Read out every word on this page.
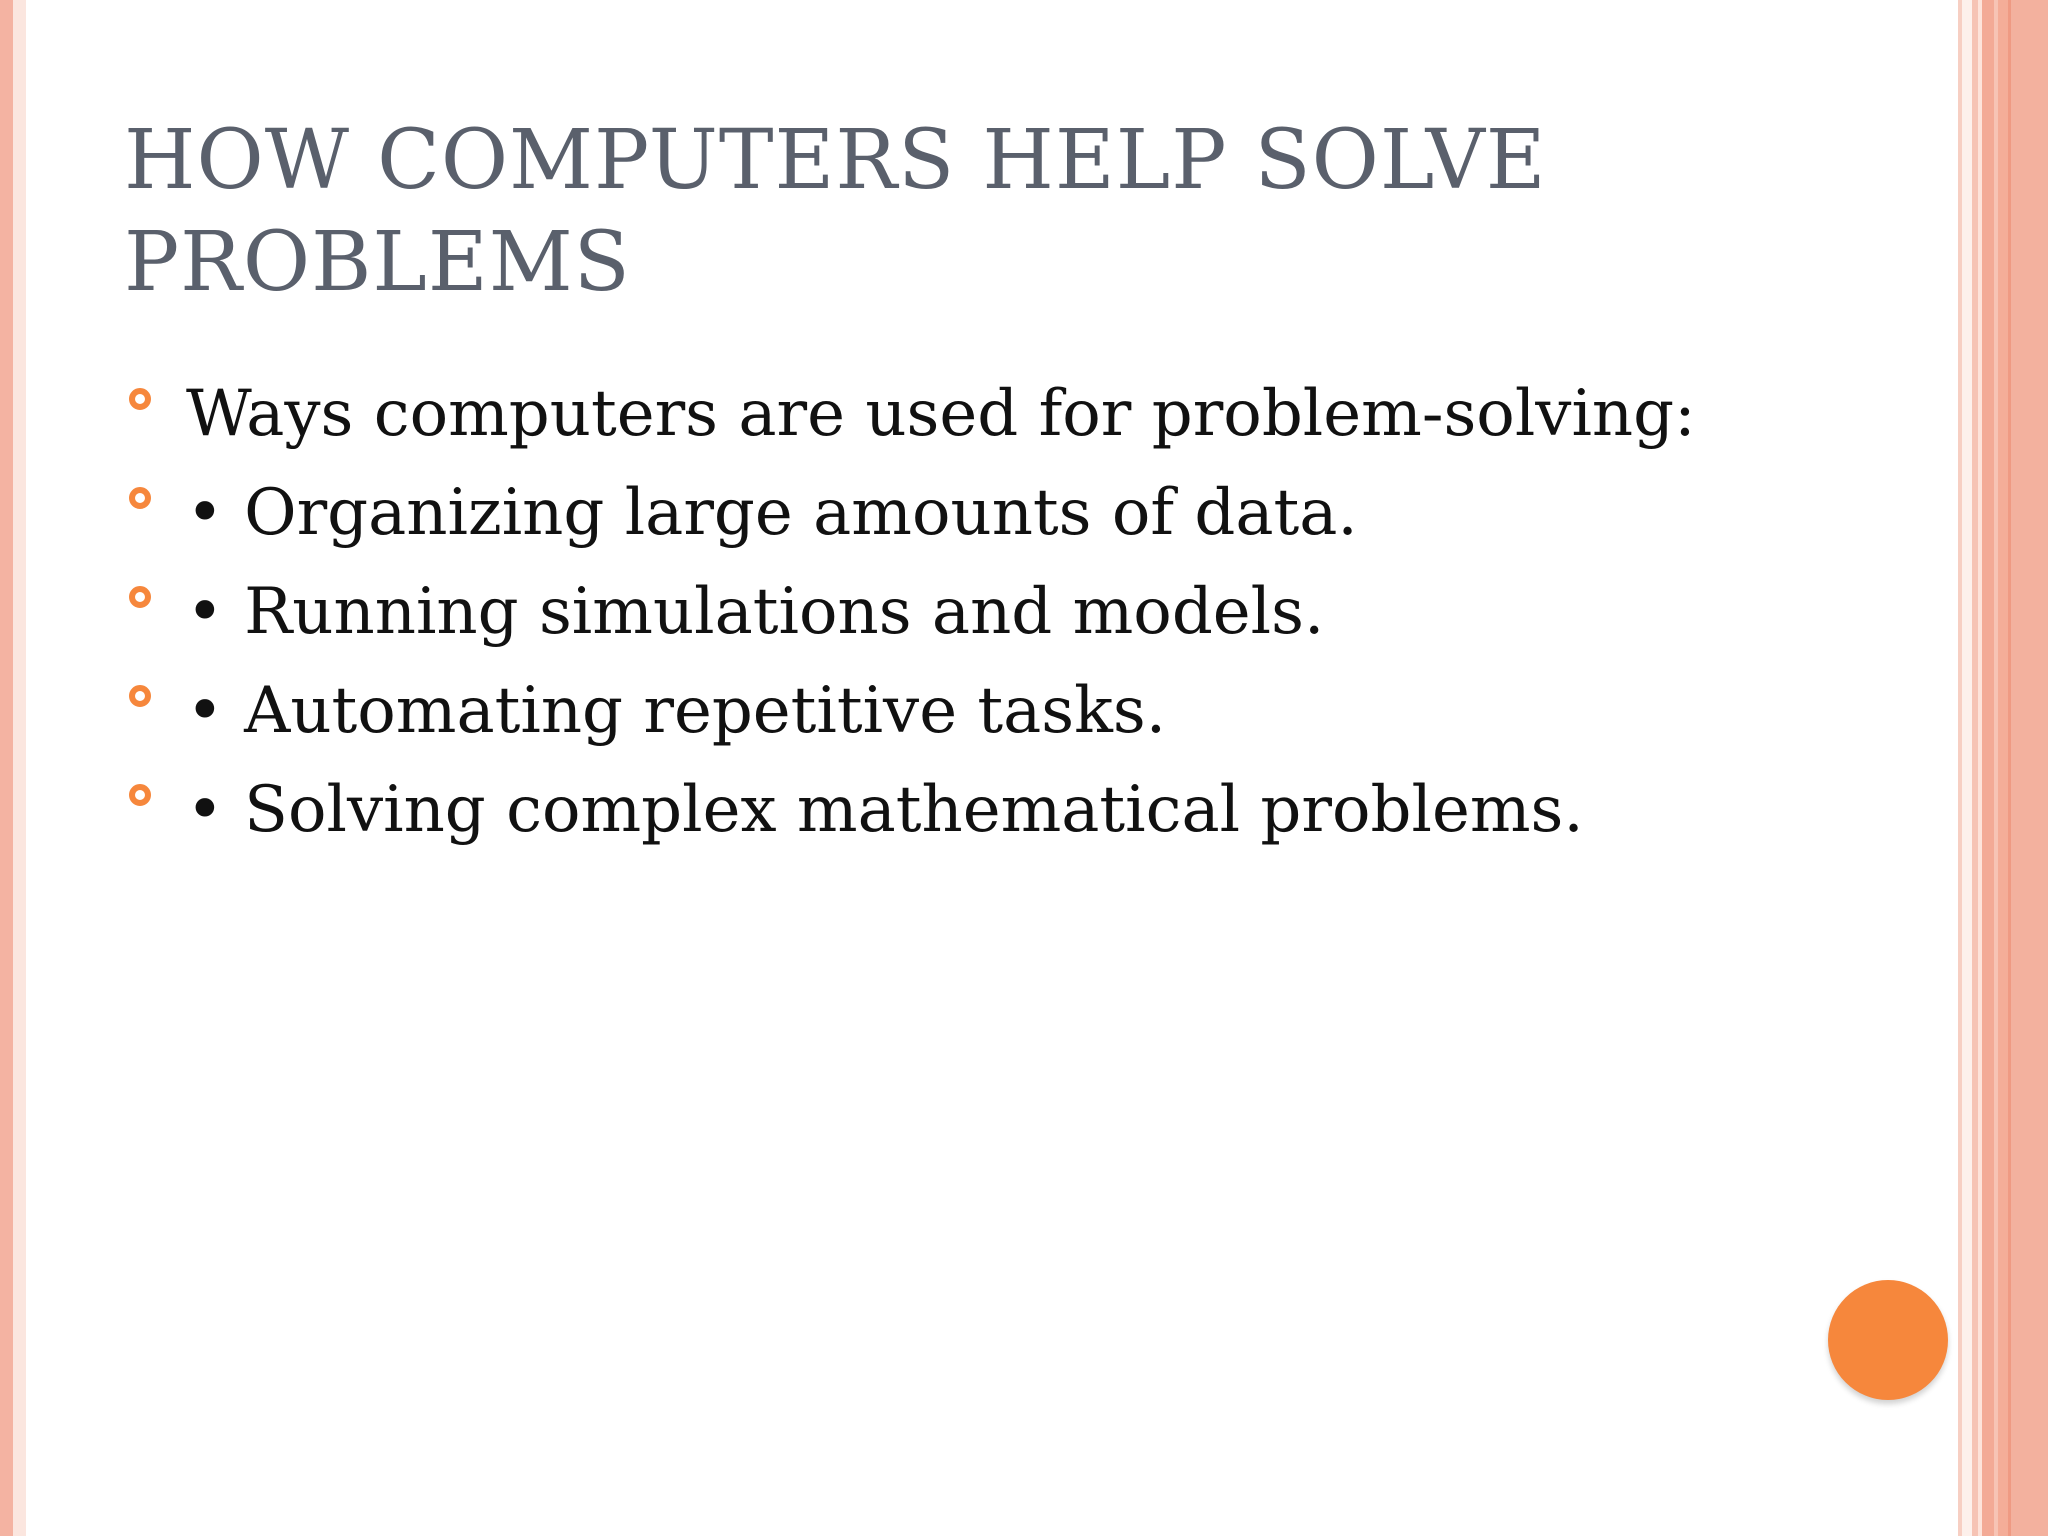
HOW COMPUTERS HELP SOLVE PROBLEMS
Ways computers are used for problem-solving:
• Organizing large amounts of data.
• Running simulations and models.
• Automating repetitive tasks.
• Solving complex mathematical problems.
